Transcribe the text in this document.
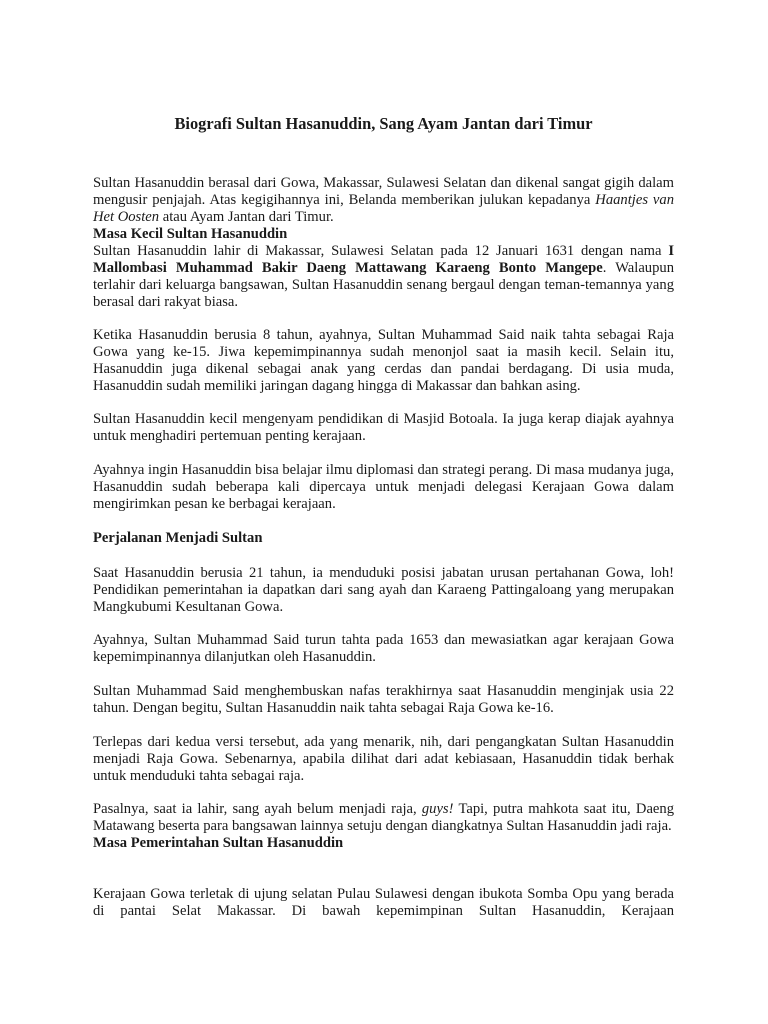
Biografi Sultan Hasanuddin, Sang Ayam Jantan dari Timur

Sultan Hasanuddin berasal dari Gowa, Makassar, Sulawesi Selatan dan dikenal sangat gigih dalam mengusir penjajah. Atas kegigihannya ini, Belanda memberikan julukan kepadanya Haantjes van Het Oosten atau Ayam Jantan dari Timur.

Masa Kecil Sultan Hasanuddin

Sultan Hasanuddin lahir di Makassar, Sulawesi Selatan pada 12 Januari 1631 dengan nama I Mallombasi Muhammad Bakir Daeng Mattawang Karaeng Bonto Mangepe. Walaupun terlahir dari keluarga bangsawan, Sultan Hasanuddin senang bergaul dengan teman-temannya yang berasal dari rakyat biasa.

Ketika Hasanuddin berusia 8 tahun, ayahnya, Sultan Muhammad Said naik tahta sebagai Raja Gowa yang ke-15. Jiwa kepemimpinannya sudah menonjol saat ia masih kecil. Selain itu, Hasanuddin juga dikenal sebagai anak yang cerdas dan pandai berdagang. Di usia muda, Hasanuddin sudah memiliki jaringan dagang hingga di Makassar dan bahkan asing.

Sultan Hasanuddin kecil mengenyam pendidikan di Masjid Botoala. Ia juga kerap diajak ayahnya untuk menghadiri pertemuan penting kerajaan.

Ayahnya ingin Hasanuddin bisa belajar ilmu diplomasi dan strategi perang. Di masa mudanya juga, Hasanuddin sudah beberapa kali dipercaya untuk menjadi delegasi Kerajaan Gowa dalam mengirimkan pesan ke berbagai kerajaan.

Perjalanan Menjadi Sultan

Saat Hasanuddin berusia 21 tahun, ia menduduki posisi jabatan urusan pertahanan Gowa, loh! Pendidikan pemerintahan ia dapatkan dari sang ayah dan Karaeng Pattingaloang yang merupakan Mangkubumi Kesultanan Gowa.

Ayahnya, Sultan Muhammad Said turun tahta pada 1653 dan mewasiatkan agar kerajaan Gowa kepemimpinannya dilanjutkan oleh Hasanuddin.

Sultan Muhammad Said menghembuskan nafas terakhirnya saat Hasanuddin menginjak usia 22 tahun. Dengan begitu, Sultan Hasanuddin naik tahta sebagai Raja Gowa ke-16.

Terlepas dari kedua versi tersebut, ada yang menarik, nih, dari pengangkatan Sultan Hasanuddin menjadi Raja Gowa. Sebenarnya, apabila dilihat dari adat kebiasaan, Hasanuddin tidak berhak untuk menduduki tahta sebagai raja.

Pasalnya, saat ia lahir, sang ayah belum menjadi raja, guys! Tapi, putra mahkota saat itu, Daeng Matawang beserta para bangsawan lainnya setuju dengan diangkatnya Sultan Hasanuddin jadi raja.

Masa Pemerintahan Sultan Hasanuddin

Kerajaan Gowa terletak di ujung selatan Pulau Sulawesi dengan ibukota Somba Opu yang berada di pantai Selat Makassar. Di bawah kepemimpinan Sultan Hasanuddin, Kerajaan
